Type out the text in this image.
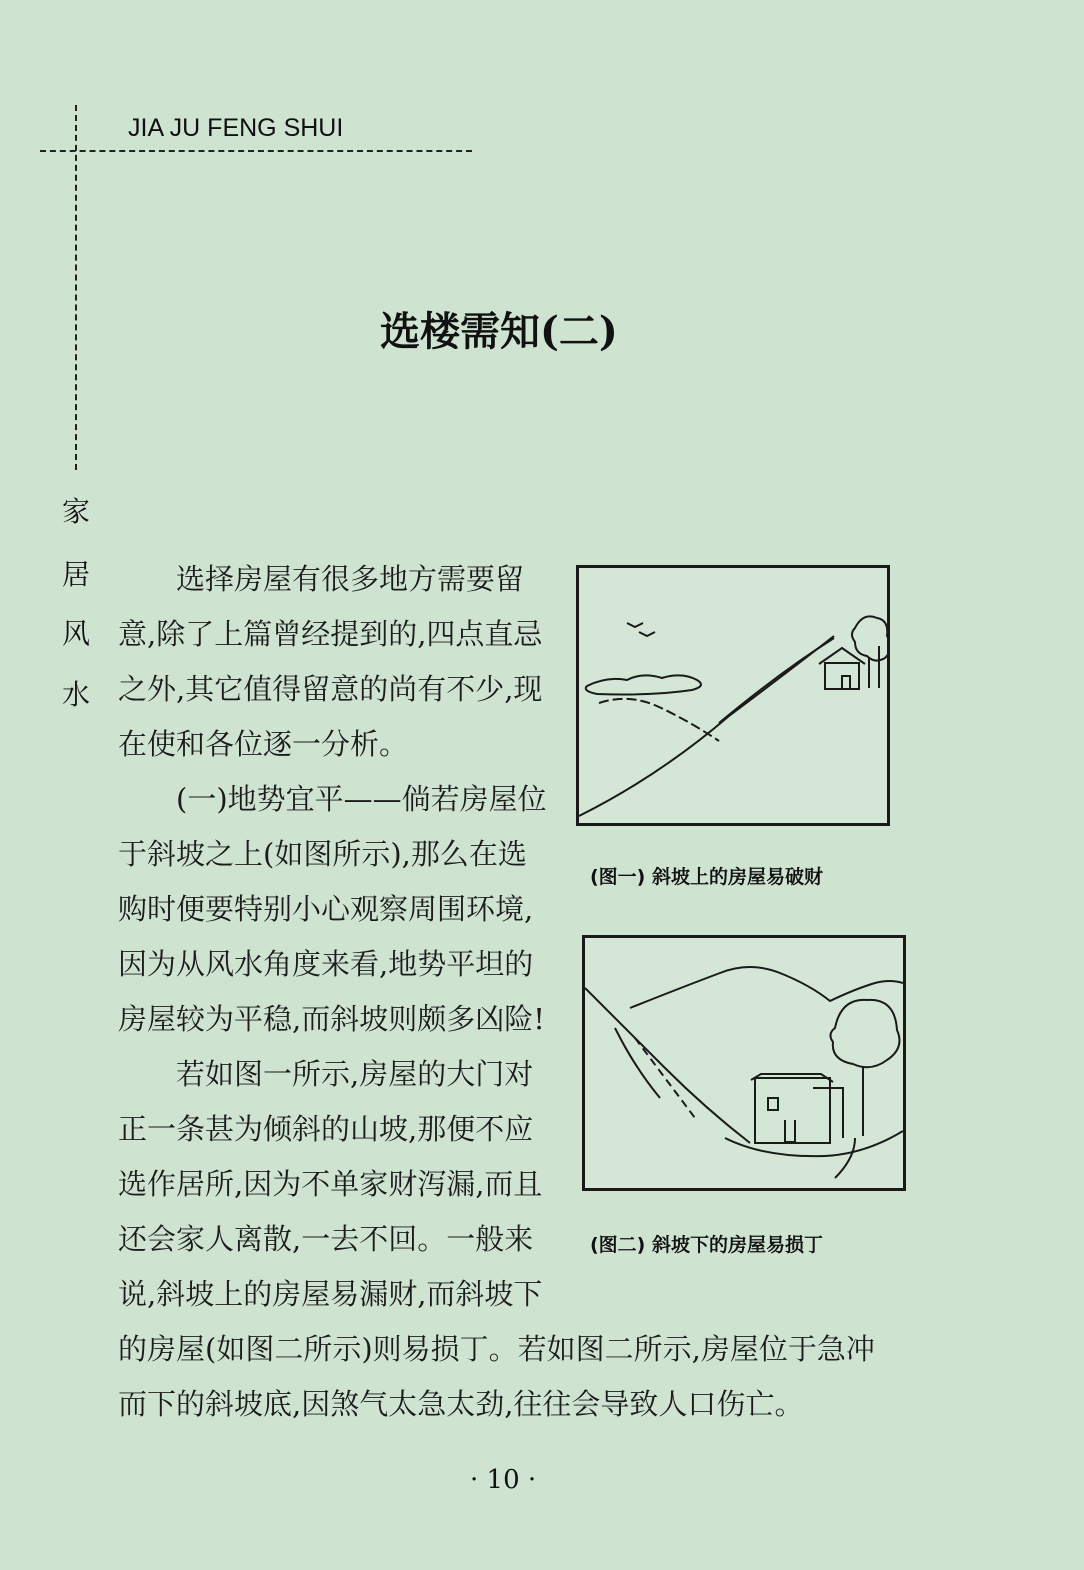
JIA JU FENG SHUI
选楼需知(二)
家
居
风
水
　　选择房屋有很多地方需要留
意,除了上篇曾经提到的,四点直忌
之外,其它值得留意的尚有不少,现
在使和各位逐一分析。
　　(一)地势宜平——倘若房屋位
于斜坡之上(如图所示),那么在选
购时便要特别小心观察周围环境,
因为从风水角度来看,地势平坦的
房屋较为平稳,而斜坡则颇多凶险!
　　若如图一所示,房屋的大门对
正一条甚为倾斜的山坡,那便不应
选作居所,因为不单家财泻漏,而且
还会家人离散,一去不回。一般来
说,斜坡上的房屋易漏财,而斜坡下
的房屋(如图二所示)则易损丁。若如图二所示,房屋位于急冲
而下的斜坡底,因煞气太急太劲,往往会导致人口伤亡。
(图一) 斜坡上的房屋易破财
(图二) 斜坡下的房屋易损丁
· 10 ·
